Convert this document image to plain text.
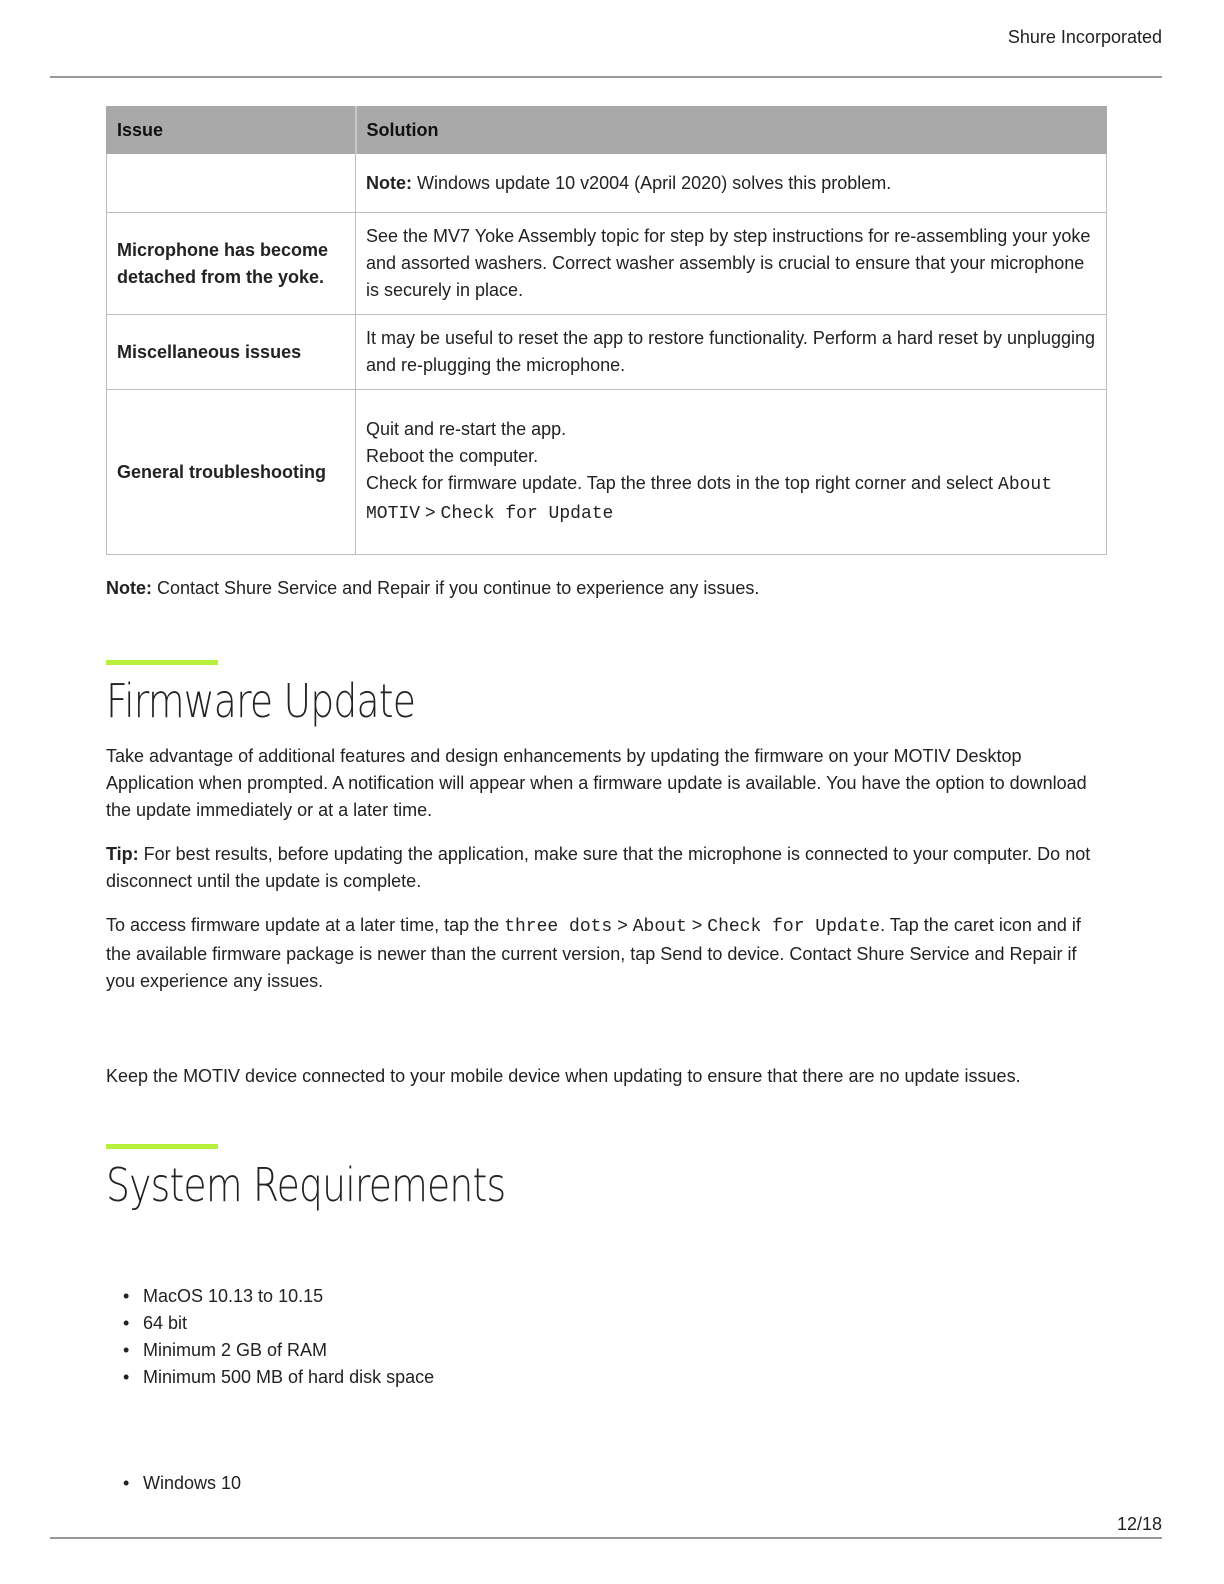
Shure Incorporated
Issue	Solution
	Note: Windows update 10 v2004 (April 2020) solves this problem.
Microphone has become detached from the yoke.	See the MV7 Yoke Assembly topic for step by step instructions for re-assembling your yoke and assorted washers. Correct washer assembly is crucial to ensure that your microphone is securely in place.
Miscellaneous issues	It may be useful to reset the app to restore functionality. Perform a hard reset by unplugging and re-plugging the microphone.
General troubleshooting	Quit and re-start the app.
Reboot the computer.
Check for firmware update. Tap the three dots in the top right corner and select About MOTIV > Check for Update

Note: Contact Shure Service and Repair if you continue to experience any issues.

Firmware Update

Take advantage of additional features and design enhancements by updating the firmware on your MOTIV Desktop Application when prompted. A notification will appear when a firmware update is available. You have the option to download the update immediately or at a later time.

Tip: For best results, before updating the application, make sure that the microphone is connected to your computer. Do not disconnect until the update is complete.

To access firmware update at a later time, tap the three dots > About > Check for Update. Tap the caret icon and if the available firmware package is newer than the current version, tap Send to device. Contact Shure Service and Repair if you experience any issues.

Keep the MOTIV device connected to your mobile device when updating to ensure that there are no update issues.

System Requirements
• MacOS 10.13 to 10.15
• 64 bit
• Minimum 2 GB of RAM
• Minimum 500 MB of hard disk space
• Windows 10
12/18
